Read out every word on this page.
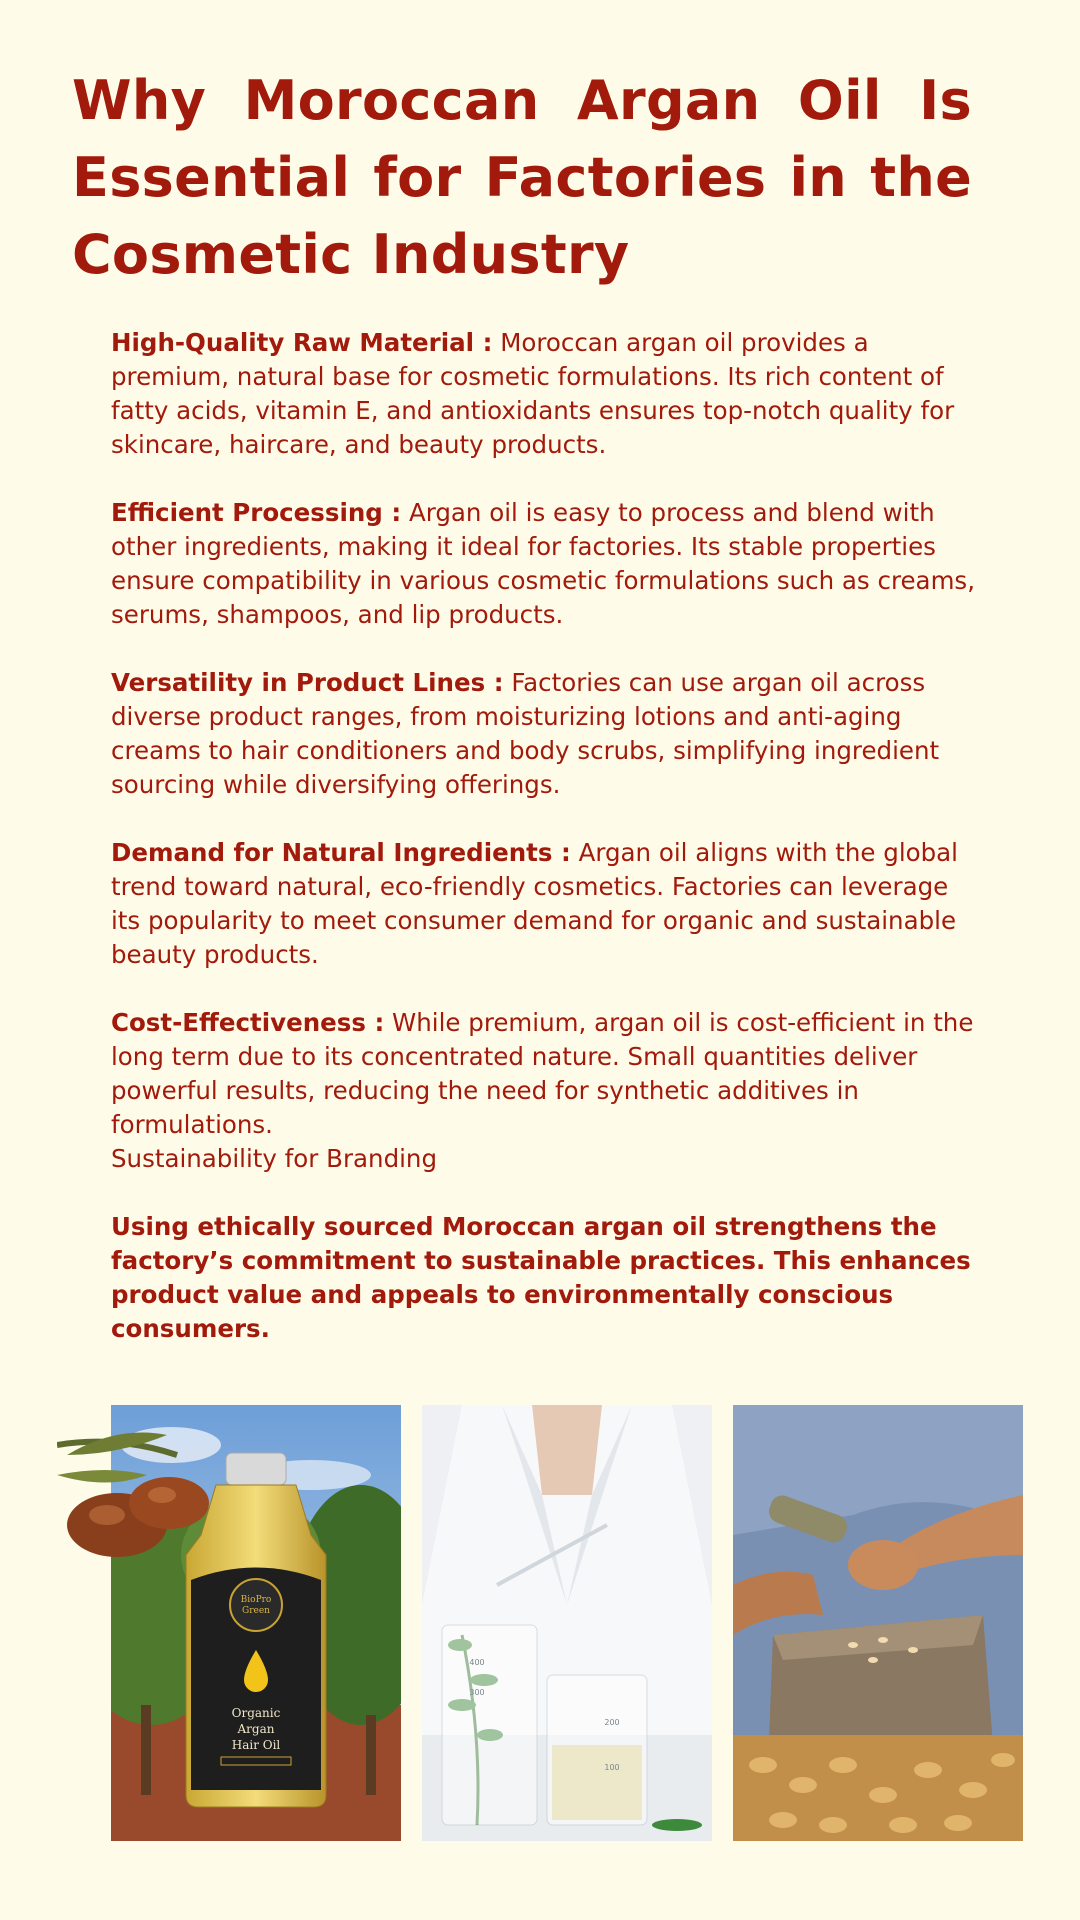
Why Moroccan Argan Oil Is Essential for Factories in the Cosmetic Industry

High-Quality Raw Material : Moroccan argan oil provides a premium, natural base for cosmetic formulations. Its rich content of fatty acids, vitamin E, and antioxidants ensures top-notch quality for skincare, haircare, and beauty products.

Efficient Processing : Argan oil is easy to process and blend with other ingredients, making it ideal for factories. Its stable properties ensure compatibility in various cosmetic formulations such as creams, serums, shampoos, and lip products.

Versatility in Product Lines : Factories can use argan oil across diverse product ranges, from moisturizing lotions and anti-aging creams to hair conditioners and body scrubs, simplifying ingredient sourcing while diversifying offerings.

Demand for Natural Ingredients : Argan oil aligns with the global trend toward natural, eco-friendly cosmetics. Factories can leverage its popularity to meet consumer demand for organic and sustainable beauty products.

Cost-Effectiveness : While premium, argan oil is cost-efficient in the long term due to its concentrated nature. Small quantities deliver powerful results, reducing the need for synthetic additives in formulations.

Sustainability for Branding

Using ethically sourced Moroccan argan oil strengthens the factory’s commitment to sustainable practices. This enhances product value and appeals to environmentally conscious consumers.

BioPro
Green
Organic
Argan
Hair Oil
400
300
200
100
